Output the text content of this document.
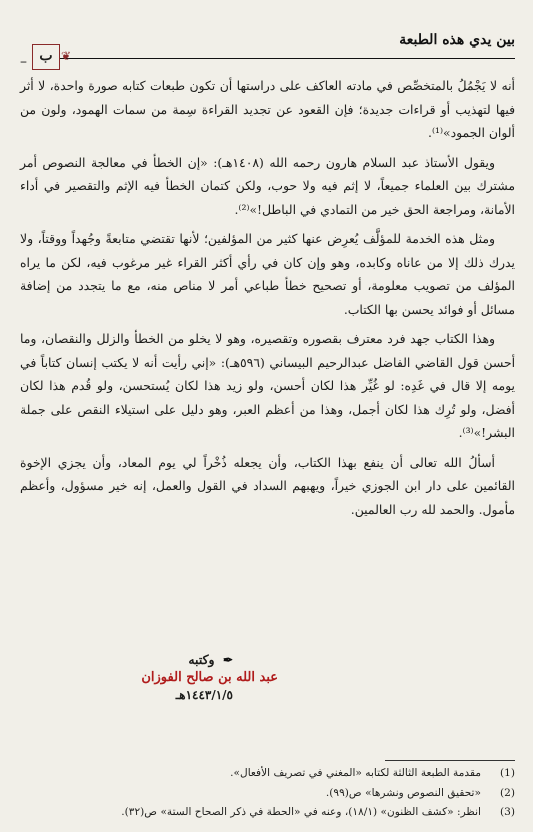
بين يدي هذه الطبعة
– ب ❦

أنه لا يَجْمُلُ بالمتخصِّص في مادته العاكف على دراستها أن تكون طبعات كتابه صورة واحدة، لا أثر فيها لتهذيب أو قراءات جديدة؛ فإن القعود عن تجديد القراءة سِمة من سمات الهمود، ولون من ألوان الجمود»⁽¹⁾.

ويقول الأستاذ عبد السلام هارون رحمه الله (١٤٠٨هـ): «إن الخطأ في معالجة النصوص أمر مشترك بين العلماء جميعاً، لا إثم فيه ولا حوب، ولكن كتمان الخطأ فيه الإثم والتقصير في أداء الأمانة، ومراجعة الحق خير من التمادي في الباطل!»⁽²⁾.

ومثل هذه الخدمة للمؤلَّف يُعرِض عنها كثير من المؤلفين؛ لأنها تقتضي متابعةً وجُهداً ووقتاً، ولا يدرك ذلك إلا من عاناه وكابده، وهو وإن كان في رأي أكثر القراء غير مرغوب فيه، لكن ما يراه المؤلف من تصويب معلومة، أو تصحيح خطأ طباعي أمر لا مناص منه، مع ما يتجدد من إضافة مسائل أو فوائد يحسن بها الكتاب.

وهذا الكتاب جهد فرد معترف بقصوره وتقصيره، وهو لا يخلو من الخطأ والزلل والنقصان، وما أحسن قول القاضي الفاضل عبدالرحيم البيساني (٥٩٦هـ): «إني رأيت أنه لا يكتب إنسان كتاباً في يومه إلا قال في غَدِه: لو غُيِّر هذا لكان أحسن، ولو زيد هذا لكان يُستحسن، ولو قُدم هذا لكان أفضل، ولو تُرِك هذا لكان أجمل، وهذا من أعظم العبر، وهو دليل على استيلاء النقص على جملة البشر!»⁽³⁾.

أسألُ الله تعالى أن ينفع بهذا الكتاب، وأن يجعله ذُخْراً لي يوم المعاد، وأن يجزي الإخوة القائمين على دار ابن الجوزي خيراً، ويهبهم السداد في القول والعمل، إنه خير مسؤول، وأعظم مأمول. والحمد لله رب العالمين.

✒ وكتبه
عبد الله بن صالح الفوزان
١٤٤٣/١/٥هـ
(1)
مقدمة الطبعة الثالثة لكتابه «المغني في تصريف الأفعال».
(2)
«تحقيق النصوص ونشرها» ص(٩٩).
(3)
انظر: «كشف الظنون» (١٨/١)، وعنه في «الحطة في ذكر الصحاح الستة» ص(٣٢).
